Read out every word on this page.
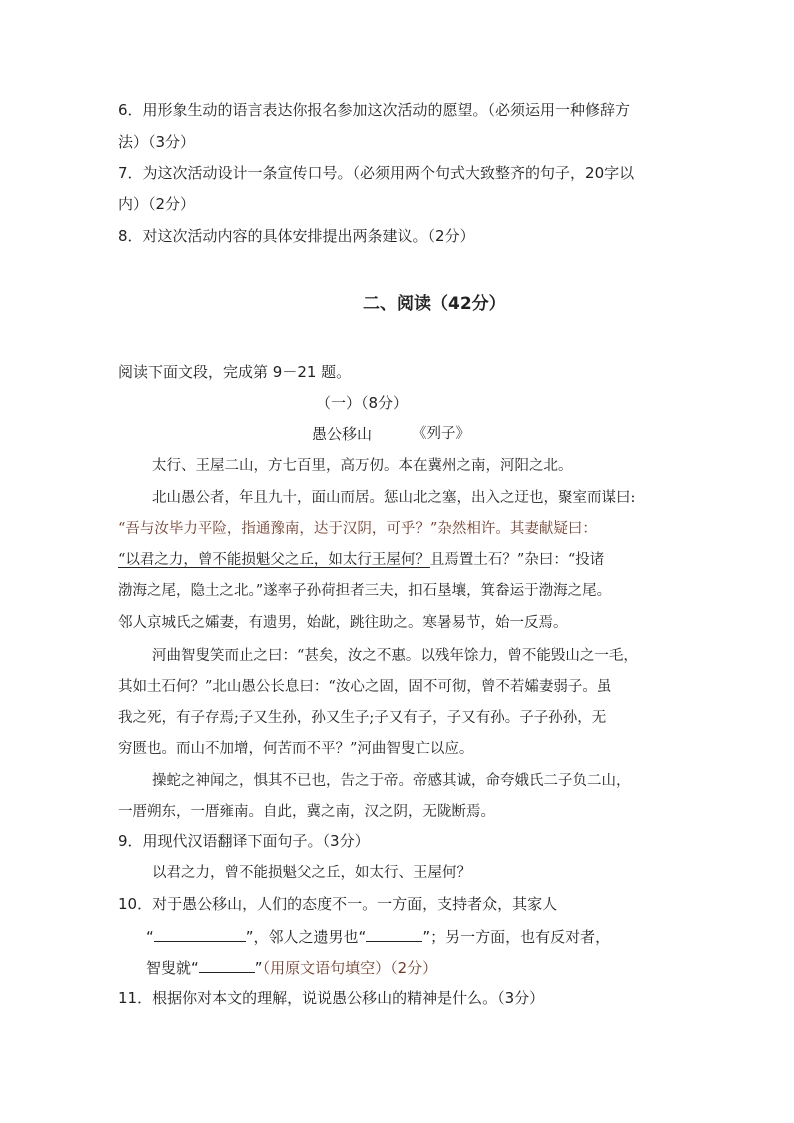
6．用形象生动的语言表达你报名参加这次活动的愿望。（必须运用一种修辞方
法）（3分）
7．为这次活动设计一条宣传口号。（必须用两个句式大致整齐的句子，20字以
内）（2分）
8．对这次活动内容的具体安排提出两条建议。（2分）
二、阅读（42分）
阅读下面文段，完成第 9－21 题。
（一）（8分）
愚公移山	《列子》
太行、王屋二山，方七百里，高万仞。本在冀州之南，河阳之北。
北山愚公者，年且九十，面山而居。惩山北之塞，出入之迂也，聚室而谋曰:
“吾与汝毕力平险，指通豫南，达于汉阴，可乎？”杂然相许。其妻献疑曰：
“以君之力，曾不能损魁父之丘，如太行王屋何？且焉置土石？”杂曰：“投诸
渤海之尾，隐土之北。”遂率子孙荷担者三夫，扣石垦壤，箕畚运于渤海之尾。
邻人京城氏之孀妻，有遗男，始龀，跳往助之。寒暑易节，始一反焉。
河曲智叟笑而止之曰：“甚矣，汝之不惠。以残年馀力，曾不能毁山之一毛，
其如土石何？”北山愚公长息曰：“汝心之固，固不可彻，曾不若孀妻弱子。虽
我之死，有子存焉;子又生孙，孙又生子;子又有子，子又有孙。子子孙孙，无
穷匮也。而山不加增，何苦而不平？”河曲智叟亡以应。
操蛇之神闻之，惧其不已也，告之于帝。帝感其诚，命夸娥氏二子负二山，
一厝朔东，一厝雍南。自此，冀之南，汉之阴，无陇断焉。
9．用现代汉语翻译下面句子。（3分）
以君之力，曾不能损魁父之丘，如太行、王屋何？
10．对于愚公移山，人们的态度不一。一方面，支持者众，其家人
“	”，邻人之遗男也“	”；另一方面，也有反对者，
智叟就“	”（用原文语句填空）（2分）
11．根据你对本文的理解，说说愚公移山的精神是什么。（3分）
